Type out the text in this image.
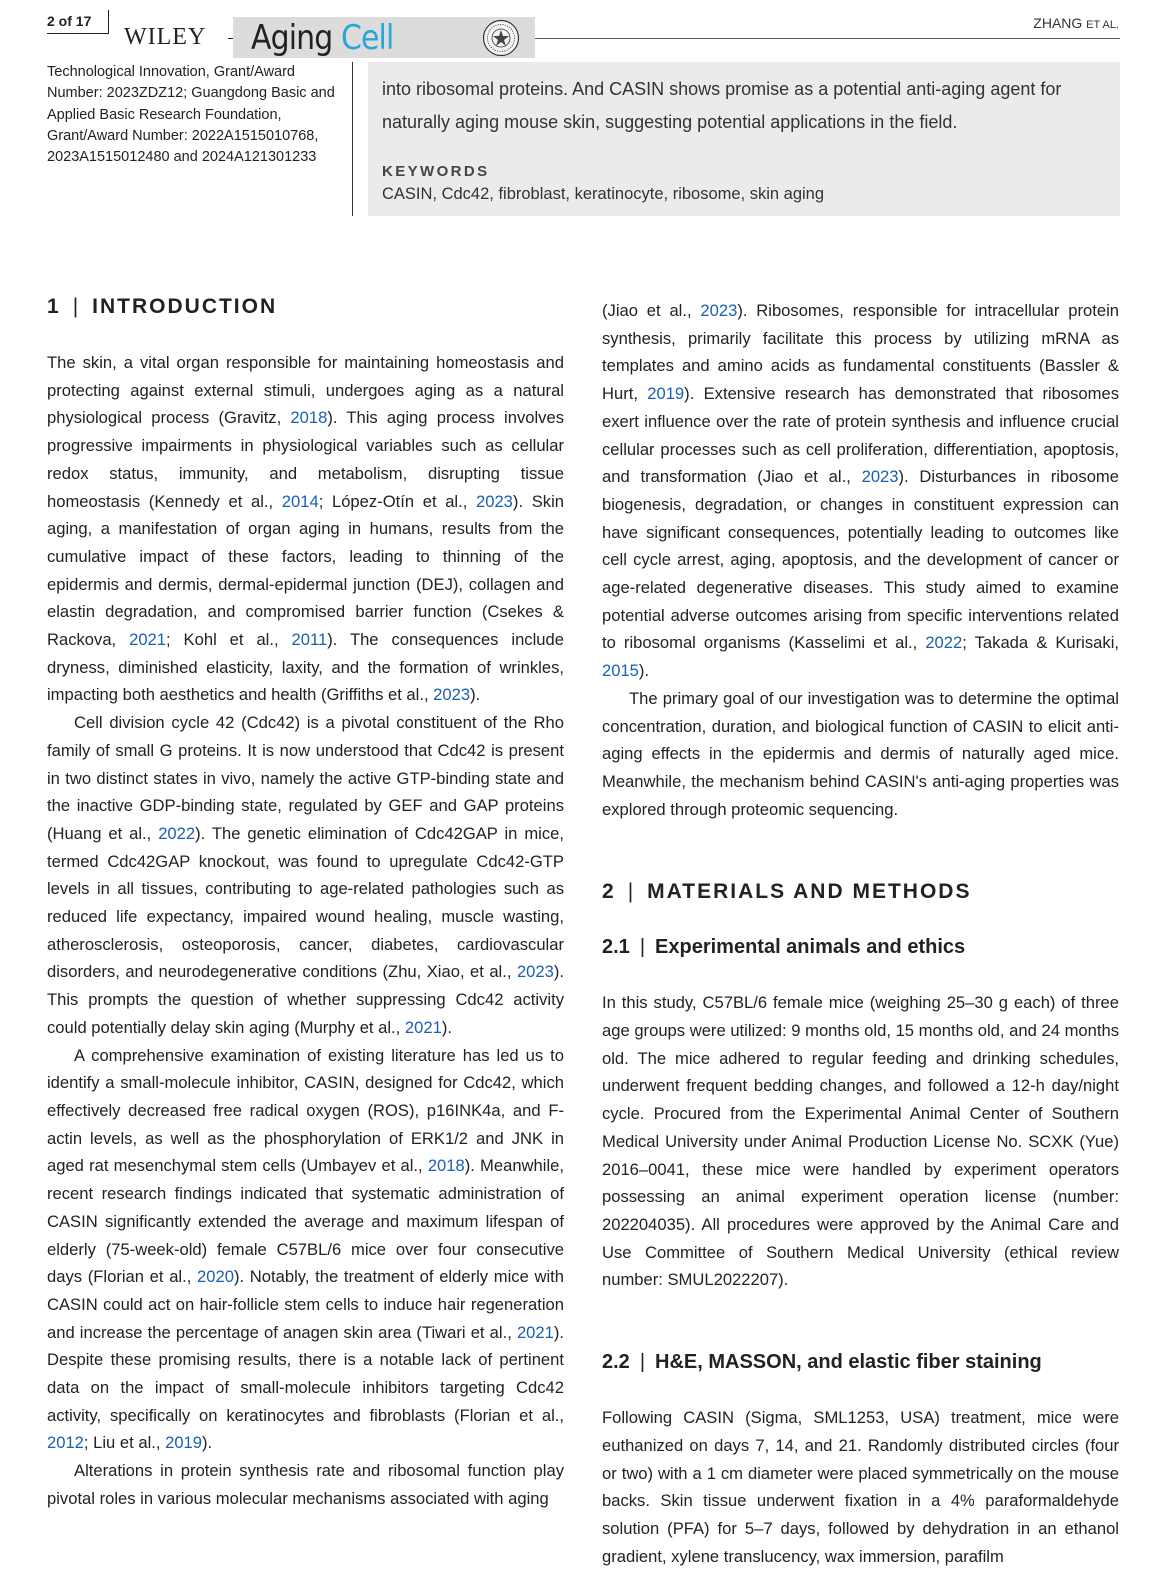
2 of 17
WILEY Aging Cell	ZHANG ET AL.
Technological Innovation, Grant/Award Number: 2023ZDZ12; Guangdong Basic and Applied Basic Research Foundation, Grant/Award Number: 2022A1515010768, 2023A1515012480 and 2024A121301233
into ribosomal proteins. And CASIN shows promise as a potential anti-aging agent for naturally aging mouse skin, suggesting potential applications in the field.
KEYWORDS
CASIN, Cdc42, fibroblast, keratinocyte, ribosome, skin aging
1 | INTRODUCTION

The skin, a vital organ responsible for maintaining homeostasis and protecting against external stimuli, undergoes aging as a natural physiological process (Gravitz, 2018). This aging process involves progressive impairments in physiological variables such as cellular redox status, immunity, and metabolism, disrupting tissue homeostasis (Kennedy et al., 2014; López-Otín et al., 2023). Skin aging, a manifestation of organ aging in humans, results from the cumulative impact of these factors, leading to thinning of the epidermis and dermis, dermal-epidermal junction (DEJ), collagen and elastin degradation, and compromised barrier function (Csekes & Rackova, 2021; Kohl et al., 2011). The consequences include dryness, diminished elasticity, laxity, and the formation of wrinkles, impacting both aesthetics and health (Griffiths et al., 2023).

Cell division cycle 42 (Cdc42) is a pivotal constituent of the Rho family of small G proteins. It is now understood that Cdc42 is present in two distinct states in vivo, namely the active GTP-binding state and the inactive GDP-binding state, regulated by GEF and GAP proteins (Huang et al., 2022). The genetic elimination of Cdc42GAP in mice, termed Cdc42GAP knockout, was found to upregulate Cdc42-GTP levels in all tissues, contributing to age-related pathologies such as reduced life expectancy, impaired wound healing, muscle wasting, atherosclerosis, osteoporosis, cancer, diabetes, cardiovascular disorders, and neurodegenerative conditions (Zhu, Xiao, et al., 2023). This prompts the question of whether suppressing Cdc42 activity could potentially delay skin aging (Murphy et al., 2021).

A comprehensive examination of existing literature has led us to identify a small-molecule inhibitor, CASIN, designed for Cdc42, which effectively decreased free radical oxygen (ROS), p16INK4a, and F-actin levels, as well as the phosphorylation of ERK1/2 and JNK in aged rat mesenchymal stem cells (Umbayev et al., 2018). Meanwhile, recent research findings indicated that systematic administration of CASIN significantly extended the average and maximum lifespan of elderly (75-week-old) female C57BL/6 mice over four consecutive days (Florian et al., 2020). Notably, the treatment of elderly mice with CASIN could act on hair-follicle stem cells to induce hair regeneration and increase the percentage of anagen skin area (Tiwari et al., 2021). Despite these promising results, there is a notable lack of pertinent data on the impact of small-molecule inhibitors targeting Cdc42 activity, specifically on keratinocytes and fibroblasts (Florian et al., 2012; Liu et al., 2019).

Alterations in protein synthesis rate and ribosomal function play pivotal roles in various molecular mechanisms associated with aging

(Jiao et al., 2023). Ribosomes, responsible for intracellular protein synthesis, primarily facilitate this process by utilizing mRNA as templates and amino acids as fundamental constituents (Bassler & Hurt, 2019). Extensive research has demonstrated that ribosomes exert influence over the rate of protein synthesis and influence crucial cellular processes such as cell proliferation, differentiation, apoptosis, and transformation (Jiao et al., 2023). Disturbances in ribosome biogenesis, degradation, or changes in constituent expression can have significant consequences, potentially leading to outcomes like cell cycle arrest, aging, apoptosis, and the development of cancer or age-related degenerative diseases. This study aimed to examine potential adverse outcomes arising from specific interventions related to ribosomal organisms (Kasselimi et al., 2022; Takada & Kurisaki, 2015).

The primary goal of our investigation was to determine the optimal concentration, duration, and biological function of CASIN to elicit anti-aging effects in the epidermis and dermis of naturally aged mice. Meanwhile, the mechanism behind CASIN's anti-aging properties was explored through proteomic sequencing.

2 | MATERIALS AND METHODS
2.1 | Experimental animals and ethics

In this study, C57BL/6 female mice (weighing 25–30 g each) of three age groups were utilized: 9 months old, 15 months old, and 24 months old. The mice adhered to regular feeding and drinking schedules, underwent frequent bedding changes, and followed a 12-h day/night cycle. Procured from the Experimental Animal Center of Southern Medical University under Animal Production License No. SCXK (Yue) 2016–0041, these mice were handled by experiment operators possessing an animal experiment operation license (number: 202204035). All procedures were approved by the Animal Care and Use Committee of Southern Medical University (ethical review number: SMUL2022207).

2.2 | H&E, MASSON, and elastic fiber staining

Following CASIN (Sigma, SML1253, USA) treatment, mice were euthanized on days 7, 14, and 21. Randomly distributed circles (four or two) with a 1 cm diameter were placed symmetrically on the mouse backs. Skin tissue underwent fixation in a 4% paraformaldehyde solution (PFA) for 5–7 days, followed by dehydration in an ethanol gradient, xylene translucency, wax immersion, parafilm
